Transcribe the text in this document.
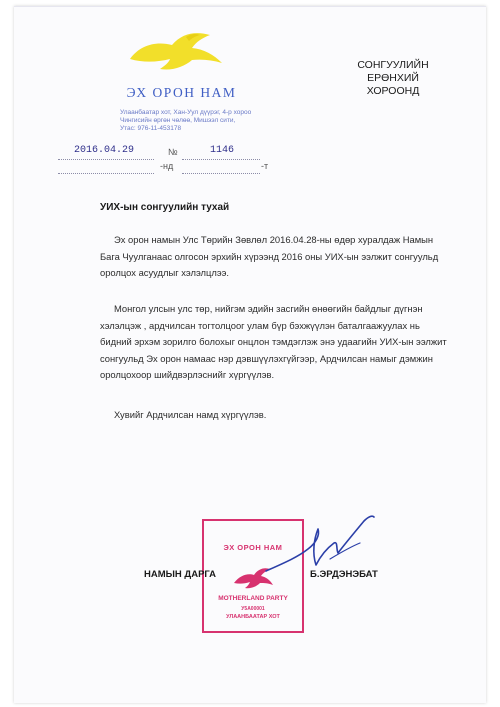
ЭХ ОРОН НАМ
Улаанбаатар хот, Хан-Уул дүүрэг, 4-р хороо
Чингисийн өргөн чөлөө, Мишээл сити,
Утас: 976-11-453178
СОНГУУЛИЙН ЕРӨНХИЙ
ХОРООНД
2016.04.29	№	1146
-нд	-т
УИХ-ын сонгуулийн тухай

Эх орон намын Улс Төрийн Зөвлөл 2016.04.28-ны өдөр хуралдаж Намын Бага Чуулганаас олгосон эрхийн хүрээнд 2016 оны УИХ-ын ээлжит сонгуульд оролцох асуудлыг хэлэлцлээ.

Монгол улсын улс төр, нийгэм эдийн засгийн өнөөгийн байдлыг дүгнэн хэлэлцэж , ардчилсан тогтолцоог улам бүр бэхжүүлэн баталгаажуулах нь бидний эрхэм зорилго болохыг онцлон тэмдэглэж энэ удаагийн УИХ-ын ээлжит сонгуульд Эх орон намаас нэр дэвшүүлэхгүйгээр, Ардчилсан намыг дэмжин оролцохоор шийдвэрлэснийг хүргүүлэв.

Хувийг Ардчилсан намд хүргүүлэв.

ЭХ ОРОН НАМ
MOTHERLAND PARTY
У5А00001
УЛААНБААТАР ХОТ
НАМЫН ДАРГА	Б.ЭРДЭНЭБАТ
